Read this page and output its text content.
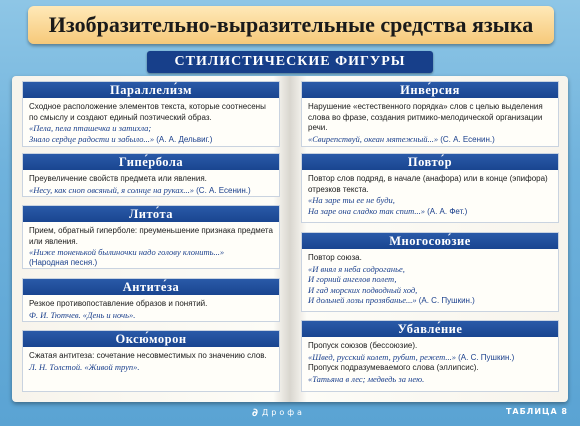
Изобразительно-выразительные средства языка
СТИЛИСТИЧЕСКИЕ ФИГУРЫ
Параллели́зм
Сходное расположение элементов текста, которые соотнесены по смыслу и создают единый поэтический образ.
«Пела, пела пташечка и затихла;
Знало сердце радости и забыло...» (А. А. Дельвиг.)
Гипе́рбола
Преувеличение свойств предмета или явления.
«Несу, как сноп овсяный, я солнце на руках...» (С. А. Есенин.)
Лито́та
Прием, обратный гиперболе: преуменьшение признака предмета или явления.
«Ниже тоненькой былиночки надо голову клонить...»
(Народная песня.)
Антите́за
Резкое противопоставление образов и понятий.
Ф. И. Тютчев. «День и ночь».
Оксю́морон
Сжатая антитеза: сочетание несовместимых по значению слов.
Л. Н. Толстой. «Живой труп».
Инве́рсия
Нарушение «естественного порядка» слов с целью выделения слова во фразе, создания ритмико-мелодической организации речи.
«Свирепствуй, океан мятежный...» (С. А. Есенин.)
Повто́р
Повтор слов подряд, в начале (анафора) или в конце (эпифора) отрезков текста.
«На заре ты ее не буди,
На заре она сладко так спит...» (А. А. Фет.)
Многосою́зие
Повтор союза.
«И внял я неба содроганье,
И горний ангелов полет,
И гад морских подводный ход,
И дольней лозы прозябанье...» (А. С. Пушкин.)
Убавле́ние
Пропуск союзов (бессоюзие).
«Швед, русский колет, рубит, режет...» (А. С. Пушкин.)
Пропуск подразумеваемого слова (эллипсис).
«Татьяна в лес; медведь за нею.
∂ Дрофа	ТАБЛИЦА 8
